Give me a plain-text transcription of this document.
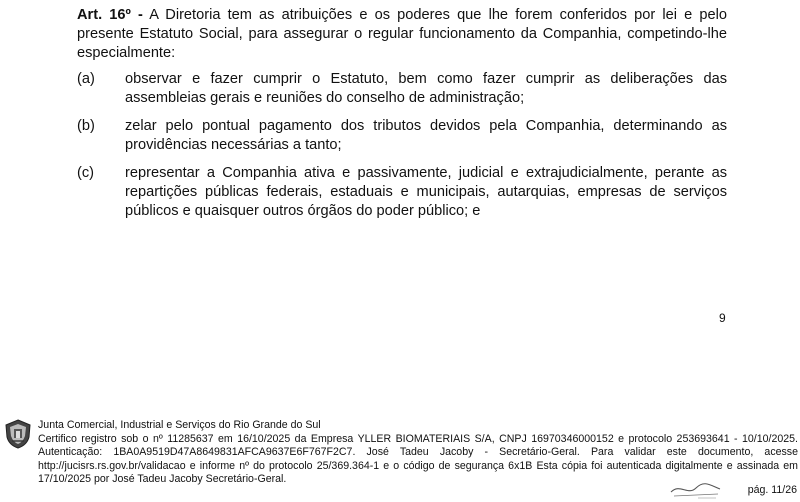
Art. 16º - A Diretoria tem as atribuições e os poderes que lhe forem conferidos por lei e pelo presente Estatuto Social, para assegurar o regular funcionamento da Companhia, competindo-lhe especialmente:
(a)	observar e fazer cumprir o Estatuto, bem como fazer cumprir as deliberações das assembleias gerais e reuniões do conselho de administração;
(b)	zelar pelo pontual pagamento dos tributos devidos pela Companhia, determinando as providências necessárias a tanto;
(c)	representar a Companhia ativa e passivamente, judicial e extrajudicialmente, perante as repartições públicas federais, estaduais e municipais, autarquias, empresas de serviços públicos e quaisquer outros órgãos do poder público; e
9
Junta Comercial, Industrial e Serviços do Rio Grande do Sul
Certifico registro sob o nº 11285637 em 16/10/2025 da Empresa YLLER BIOMATERIAIS S/A, CNPJ 16970346000152 e protocolo 253693641 - 10/10/2025. Autenticação: 1BA0A9519D47A8649831AFCA9637E6F767F2C7. José Tadeu Jacoby - Secretário-Geral. Para validar este documento, acesse http://jucisrs.rs.gov.br/validacao e informe nº do protocolo 25/369.364-1 e o código de segurança 6x1B Esta cópia foi autenticada digitalmente e assinada em 17/10/2025 por José Tadeu Jacoby Secretário-Geral.
pág. 11/26
